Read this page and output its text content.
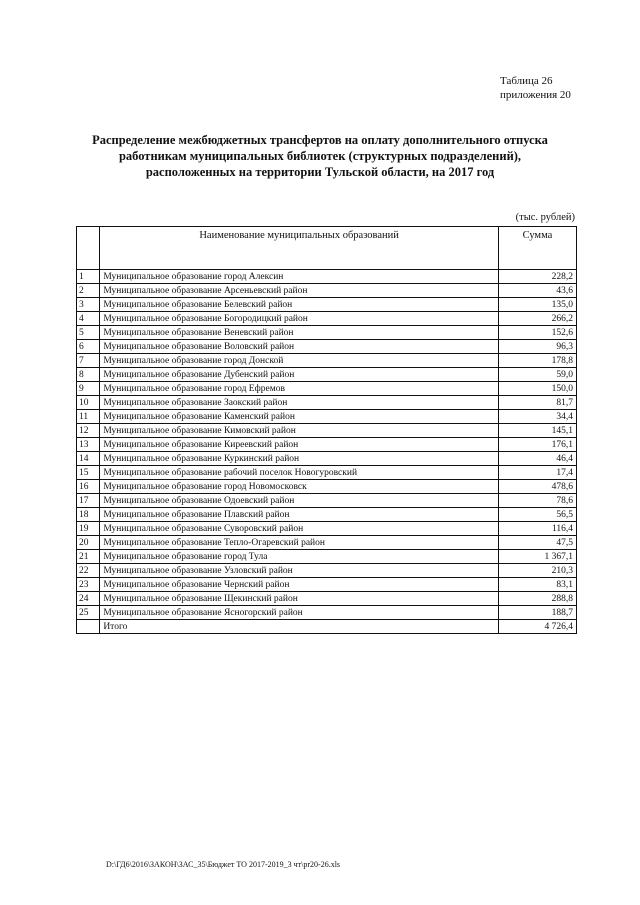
Таблица 26
приложения 20
Распределение межбюджетных трансфертов на оплату дополнительного отпуска
работникам муниципальных библиотек (структурных подразделений),
расположенных на территории Тульской области, на 2017 год
(тыс. рублей)
	Наименование муниципальных образований	Сумма
1	Муниципальное образование город Алексин	228,2
2	Муниципальное образование Арсеньевский район	43,6
3	Муниципальное образование Белевский район	135,0
4	Муниципальное образование Богородицкий район	266,2
5	Муниципальное образование Веневский район	152,6
6	Муниципальное образование Воловский район	96,3
7	Муниципальное образование город Донской	178,8
8	Муниципальное образование Дубенский район	59,0
9	Муниципальное образование город Ефремов	150,0
10	Муниципальное образование Заокский район	81,7
11	Муниципальное образование Каменский район	34,4
12	Муниципальное образование Кимовский район	145,1
13	Муниципальное образование Киреевский район	176,1
14	Муниципальное образование Куркинский район	46,4
15	Муниципальное образование рабочий поселок Новогуровский	17,4
16	Муниципальное образование город Новомосковск	478,6
17	Муниципальное образование Одоевский район	78,6
18	Муниципальное образование Плавский район	56,5
19	Муниципальное образование Суворовский район	116,4
20	Муниципальное образование Тепло-Огаревский район	47,5
21	Муниципальное образование город Тула	1 367,1
22	Муниципальное образование Узловский район	210,3
23	Муниципальное образование Чернский район	83,1
24	Муниципальное образование Щекинский район	288,8
25	Муниципальное образование Ясногорский район	188,7
	Итого	4 726,4
D:\ГД6\2016\ЗАКОН\ЗАС_35\Бюджет ТО 2017-2019_3 чт\рr20-26.xls
